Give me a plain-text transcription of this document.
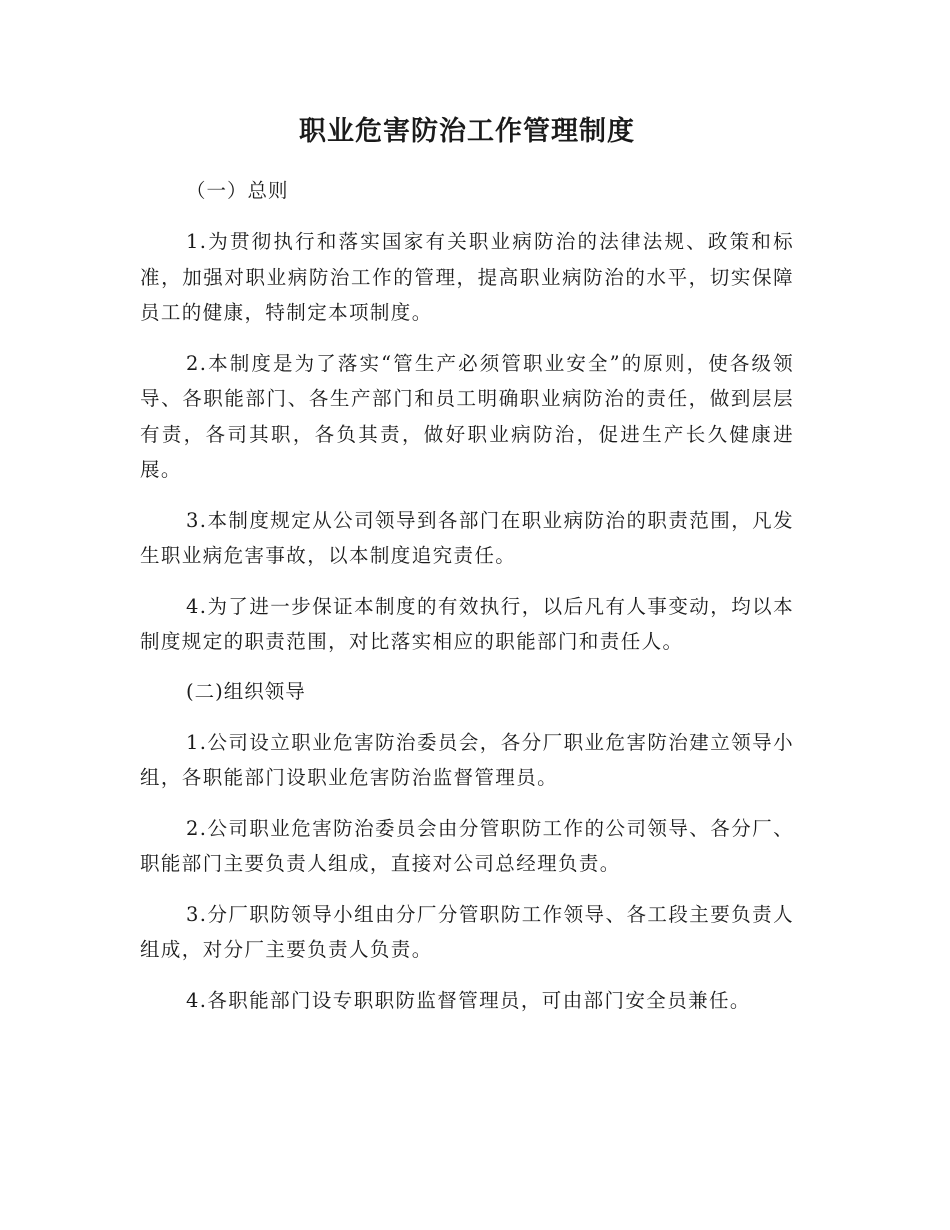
职业危害防治工作管理制度

（一）总则

1.为贯彻执行和落实国家有关职业病防治的法律法规、政策和标准，加强对职业病防治工作的管理，提高职业病防治的水平，切实保障员工的健康，特制定本项制度。

2.本制度是为了落实“管生产必须管职业安全”的原则，使各级领导、各职能部门、各生产部门和员工明确职业病防治的责任，做到层层有责，各司其职，各负其责，做好职业病防治，促进生产长久健康进展。

3.本制度规定从公司领导到各部门在职业病防治的职责范围，凡发生职业病危害事故，以本制度追究责任。

4.为了进一步保证本制度的有效执行，以后凡有人事变动，均以本制度规定的职责范围，对比落实相应的职能部门和责任人。

(二)组织领导

1.公司设立职业危害防治委员会，各分厂职业危害防治建立领导小组，各职能部门设职业危害防治监督管理员。

2.公司职业危害防治委员会由分管职防工作的公司领导、各分厂、职能部门主要负责人组成，直接对公司总经理负责。

3.分厂职防领导小组由分厂分管职防工作领导、各工段主要负责人组成，对分厂主要负责人负责。

4.各职能部门设专职职防监督管理员，可由部门安全员兼任。
